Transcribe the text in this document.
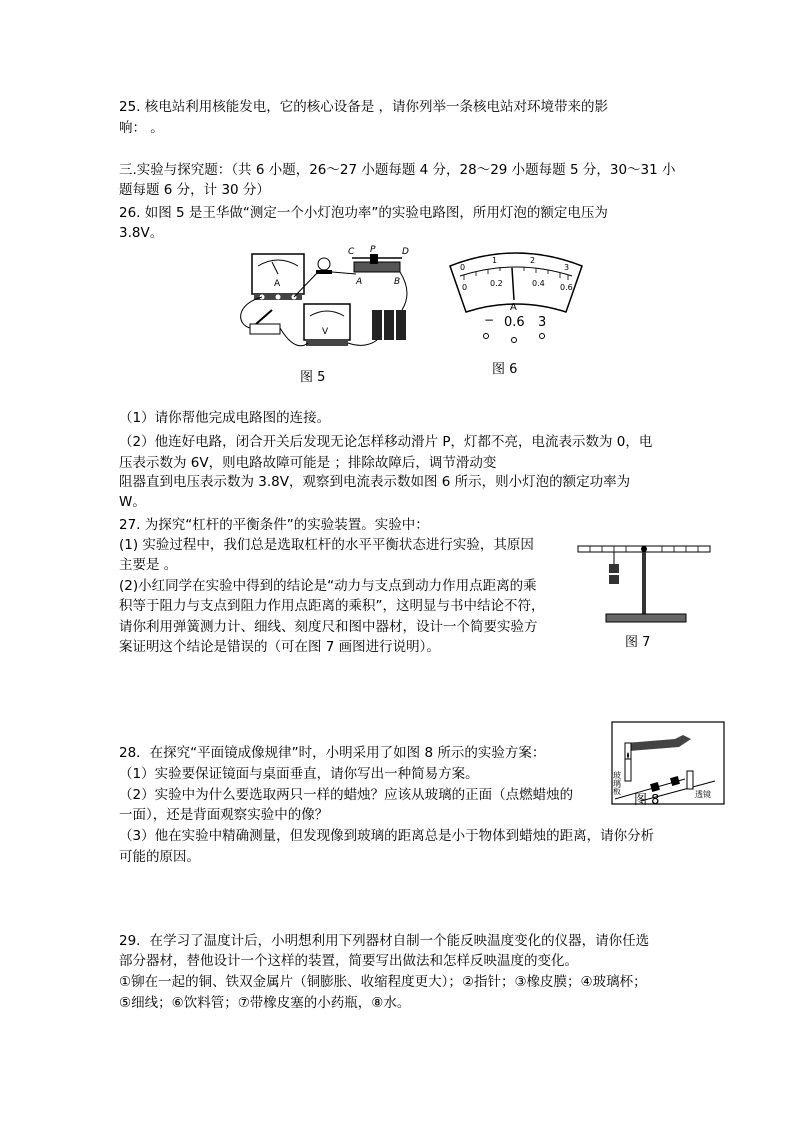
25. 核电站利用核能发电，它的核心设备是 ，请你列举一条核电站对环境带来的影
响： 。
三.实验与探究题：（共 6 小题，26～27 小题每题 4 分，28～29 小题每题 5 分，30～31 小
题每题 6 分，计 30 分）
26. 如图 5 是王华做“测定一个小灯泡功率”的实验电路图，所用灯泡的额定电压为
3.8V。
A
C P	D
A	B
V
图 5
0
1	2
3
0	0.2	0.4 0.6
A
− 0.6 3
图 6
（1）请你帮他完成电路图的连接。
（2）他连好电路，闭合开关后发现无论怎样移动滑片 P，灯都不亮，电流表示数为 0，电
压表示数为 6V，则电路故障可能是 ；排除故障后，调节滑动变
阻器直到电压表示数为 3.8V，观察到电流表示数如图 6 所示，则小灯泡的额定功率为
W。
27. 为探究“杠杆的平衡条件”的实验装置。实验中：
(1) 实验过程中，我们总是选取杠杆的水平平衡状态进行实验，其原因
主要是 。
(2)小红同学在实验中得到的结论是“动力与支点到动力作用点距离的乘
积等于阻力与支点到阻力作用点距离的乘积”，这明显与书中结论不符，
请你利用弹簧测力计、细线、刻度尺和图中器材，设计一个简要实验方
案证明这个结论是错误的（可在图 7 画图进行说明）。	图 7
28．在探究“平面镜成像规律”时，小明采用了如图 8 所示的实验方案：
（1）实验要保证镜面与桌面垂直，请你写出一种简易方案。
（2）实验中为什么要选取两只一样的蜡烛？应该从玻璃的正面（点燃蜡烛的
一面），还是背面观察实验中的像？
（3）他在实验中精确测量，但发现像到玻璃的距离总是小于物体到蜡烛的距离，请你分析
可能的原因。
玻璃板	透镜
图 8
29．在学习了温度计后，小明想利用下列器材自制一个能反映温度变化的仪器，请你任选
部分器材，替他设计一个这样的装置，简要写出做法和怎样反映温度的变化。
①铆在一起的铜、铁双金属片（铜膨胀、收缩程度更大）；②指针；③橡皮膜；④玻璃杯；
⑤细线；⑥饮料管；⑦带橡皮塞的小药瓶，⑧水。
